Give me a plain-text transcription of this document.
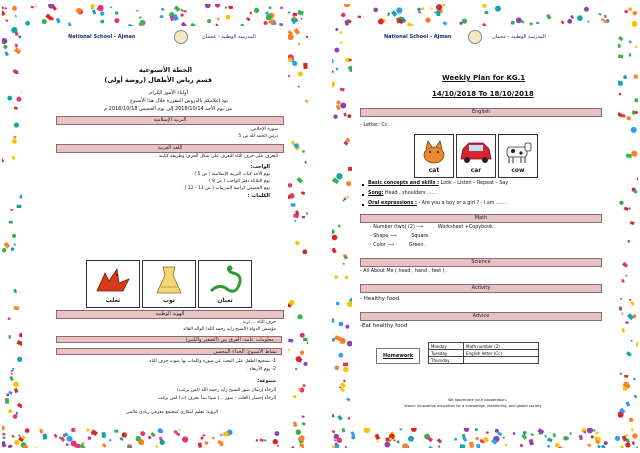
National School - Ajman	المدرسة الوطنية - عجمان
الخطة الأسبوعية
قسم رياض الأطفال (روضة أولى)
أولياء الأمور الكرام
نود إعلامكم بالدروس المقررة خلال هذا الأسبوع
من يوم الأحد 2018/10/14 إلى يوم الخميس 2018/10/18 م
التربية الإسلامية
سورة الإخلاص.
درس الحمد لله ص 5
اللغة العربية
التعرف على حرف الثاء التعرف على شكل الحرف وطريقة كتابته
الواجب:
يوم الأحد كتاب التربية الإسلامية ( ص 5 ) .
يوم الثلاثاء دفتر الواجب ( ص 8 ) .
يوم الخميس كراسة التدريبات ( ص 11 - 12 ) .
الكلمات :
ثعلب	ثوب	ثعبان
الهوية الوطنية
حرف الثاء ... ثريد
مؤسس الدولة (الشيخ زايد رحمه الله) الوالد القائد
معلومات عامة: الفرق بين (الصغير والكبير) .
نشاط الأسبوع: الحذاء المحسن
1- تشجيع الطفل على البحث عن صورة وكلمات بها صوت حرف الثاء .
2- يوم الأربعاء .
متنوعة:
الرجاء إرسال صور للشيخ زايد رحمه الله (لمن يرغب)
الرجاء إحضار (العلب - صور ...) شيئا يبدأ بحرف (ث) لمن يرغب
الرؤية: تعليم ابتكاري لمجتمع معرفي ريادي عالمي
National School - Ajman	المدرسة الوطنية - عجمان
Weekly Plan for KG.1
14/10/2018 To 18/10/2018
English
- Letter: Cc .
cat	car	cow
Basic concepts and skills : Look – Listen – Repeat – Say .
Song: Head , shoulders ..... .
Oral expressions : - Are you a boy or a girl ? - I am ..... .
Math
- Number (two) (2) ⟶	Worksheet +Copybook .
- Shape ⟶	Square.
- Color ⟶	Green.
Science
- All About Me ( head , hand , feet ) .
Activity
- Healthy food.
Advice
-Eat healthy food
Homework
Monday	Math number (2) .
Tuesday	English letter (Cc) .
Thursday	
We appreciate your cooperation.
Vision: Innovative education for a knowledge, pioneering, and global society
